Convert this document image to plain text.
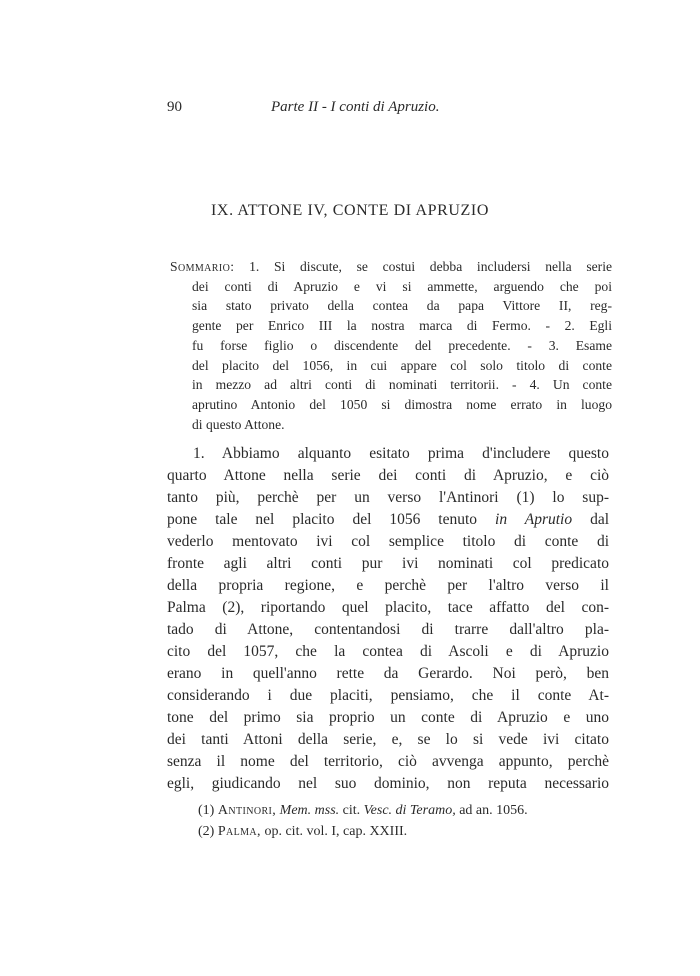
90	Parte II - I conti di Apruzio.
IX. ATTONE IV, CONTE DI APRUZIO
Sommario: 1. Si discute, se costui debba includersi nella serie
dei conti di Apruzio e vi si ammette, arguendo che poi
sia stato privato della contea da papa Vittore II, reg-
gente per Enrico III la nostra marca di Fermo. - 2. Egli
fu forse figlio o discendente del precedente. - 3. Esame
del placito del 1056, in cui appare col solo titolo di conte
in mezzo ad altri conti di nominati territorii. - 4. Un conte
aprutino Antonio del 1050 si dimostra nome errato in luogo
di questo Attone.
1. Abbiamo alquanto esitato prima d'includere questo
quarto Attone nella serie dei conti di Apruzio, e ciò
tanto più, perchè per un verso l'Antinori (1) lo sup-
pone tale nel placito del 1056 tenuto in Aprutio dal
vederlo mentovato ivi col semplice titolo di conte di
fronte agli altri conti pur ivi nominati col predicato
della propria regione, e perchè per l'altro verso il
Palma (2), riportando quel placito, tace affatto del con-
tado di Attone, contentandosi di trarre dall'altro pla-
cito del 1057, che la contea di Ascoli e di Apruzio
erano in quell'anno rette da Gerardo. Noi però, ben
considerando i due placiti, pensiamo, che il conte At-
tone del primo sia proprio un conte di Apruzio e uno
dei tanti Attoni della serie, e, se lo si vede ivi citato
senza il nome del territorio, ciò avvenga appunto, perchè
egli, giudicando nel suo dominio, non reputa necessario
(1) Antinori, Mem. mss. cit. Vesc. di Teramo, ad an. 1056.
(2) Palma, op. cit. vol. I, cap. XXIII.
